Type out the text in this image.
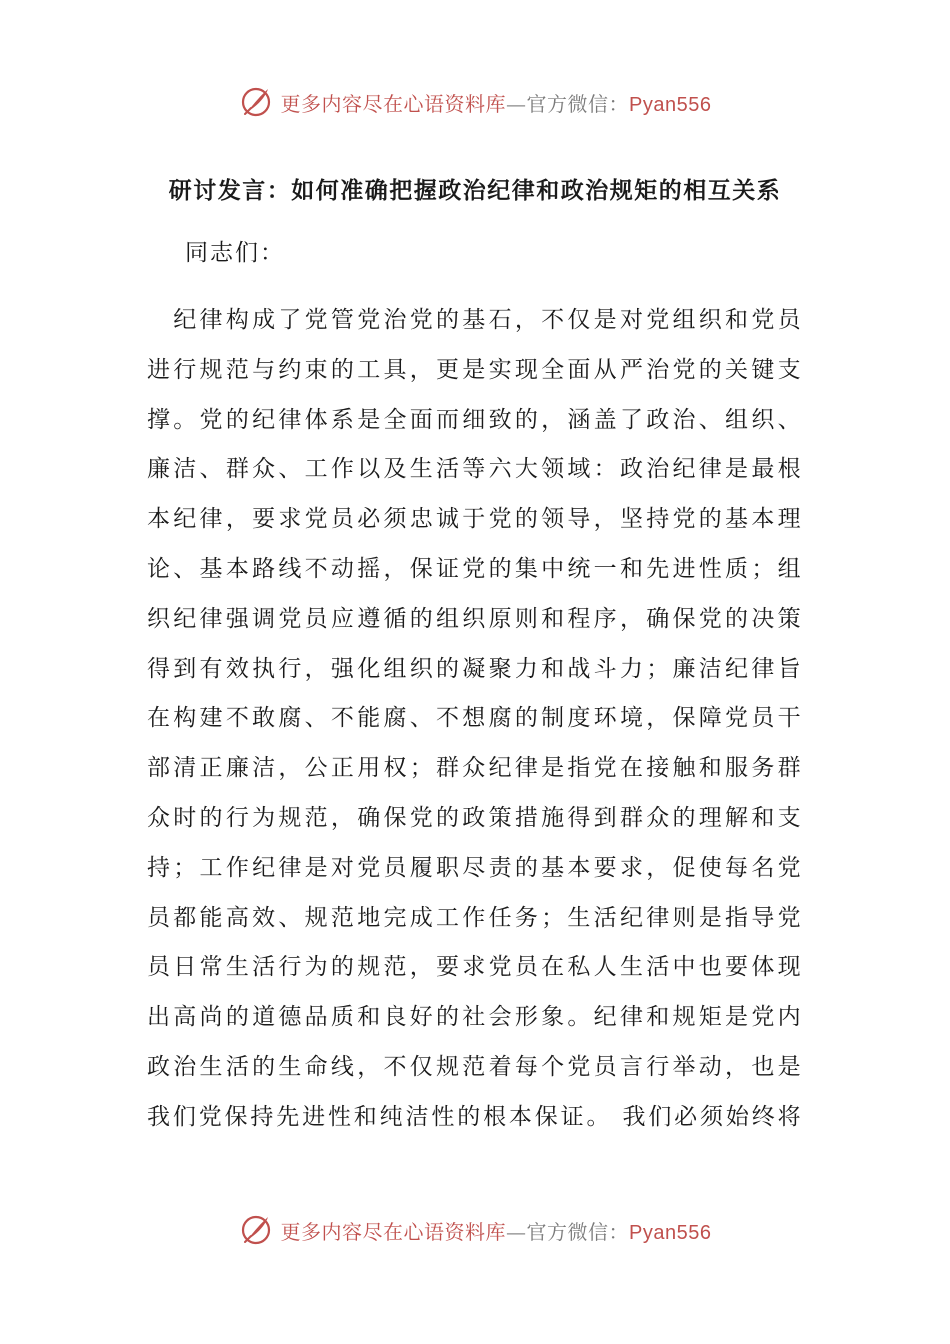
更多内容尽在心语资料库—官方微信：Pyan556
研讨发言：如何准确把握政治纪律和政治规矩的相互关系

同志们：

　纪律构成了党管党治党的基石，不仅是对党组织和党员
进行规范与约束的工具，更是实现全面从严治党的关键支
撑。党的纪律体系是全面而细致的，涵盖了政治、组织、
廉洁、群众、工作以及生活等六大领域：政治纪律是最根
本纪律，要求党员必须忠诚于党的领导，坚持党的基本理
论、基本路线不动摇，保证党的集中统一和先进性质；组
织纪律强调党员应遵循的组织原则和程序，确保党的决策
得到有效执行，强化组织的凝聚力和战斗力；廉洁纪律旨
在构建不敢腐、不能腐、不想腐的制度环境，保障党员干
部清正廉洁，公正用权；群众纪律是指党在接触和服务群
众时的行为规范，确保党的政策措施得到群众的理解和支
持；工作纪律是对党员履职尽责的基本要求，促使每名党
员都能高效、规范地完成工作任务；生活纪律则是指导党
员日常生活行为的规范，要求党员在私人生活中也要体现
出高尚的道德品质和良好的社会形象。纪律和规矩是党内
政治生活的生命线，不仅规范着每个党员言行举动，也是
我们党保持先进性和纯洁性的根本保证。 我们必须始终将
更多内容尽在心语资料库—官方微信：Pyan556
